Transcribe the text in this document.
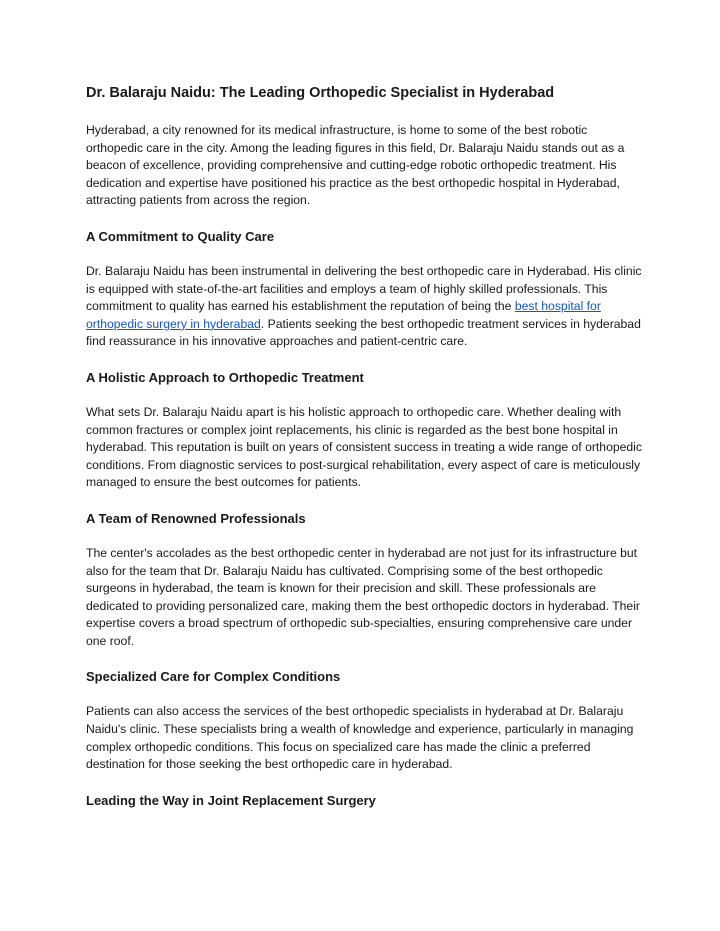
Dr. Balaraju Naidu: The Leading Orthopedic Specialist in Hyderabad

Hyderabad, a city renowned for its medical infrastructure, is home to some of the best robotic orthopedic care in the city. Among the leading figures in this field, Dr. Balaraju Naidu stands out as a beacon of excellence, providing comprehensive and cutting-edge robotic orthopedic treatment. His dedication and expertise have positioned his practice as the best orthopedic hospital in Hyderabad, attracting patients from across the region.

A Commitment to Quality Care

Dr. Balaraju Naidu has been instrumental in delivering the best orthopedic care in Hyderabad. His clinic is equipped with state-of-the-art facilities and employs a team of highly skilled professionals. This commitment to quality has earned his establishment the reputation of being the best hospital for orthopedic surgery in hyderabad. Patients seeking the best orthopedic treatment services in hyderabad find reassurance in his innovative approaches and patient-centric care.

A Holistic Approach to Orthopedic Treatment

What sets Dr. Balaraju Naidu apart is his holistic approach to orthopedic care. Whether dealing with common fractures or complex joint replacements, his clinic is regarded as the best bone hospital in hyderabad. This reputation is built on years of consistent success in treating a wide range of orthopedic conditions. From diagnostic services to post-surgical rehabilitation, every aspect of care is meticulously managed to ensure the best outcomes for patients.

A Team of Renowned Professionals

The center's accolades as the best orthopedic center in hyderabad are not just for its infrastructure but also for the team that Dr. Balaraju Naidu has cultivated. Comprising some of the best orthopedic surgeons in hyderabad, the team is known for their precision and skill. These professionals are dedicated to providing personalized care, making them the best orthopedic doctors in hyderabad. Their expertise covers a broad spectrum of orthopedic sub-specialties, ensuring comprehensive care under one roof.

Specialized Care for Complex Conditions

Patients can also access the services of the best orthopedic specialists in hyderabad at Dr. Balaraju Naidu's clinic. These specialists bring a wealth of knowledge and experience, particularly in managing complex orthopedic conditions. This focus on specialized care has made the clinic a preferred destination for those seeking the best orthopedic care in hyderabad.

Leading the Way in Joint Replacement Surgery
